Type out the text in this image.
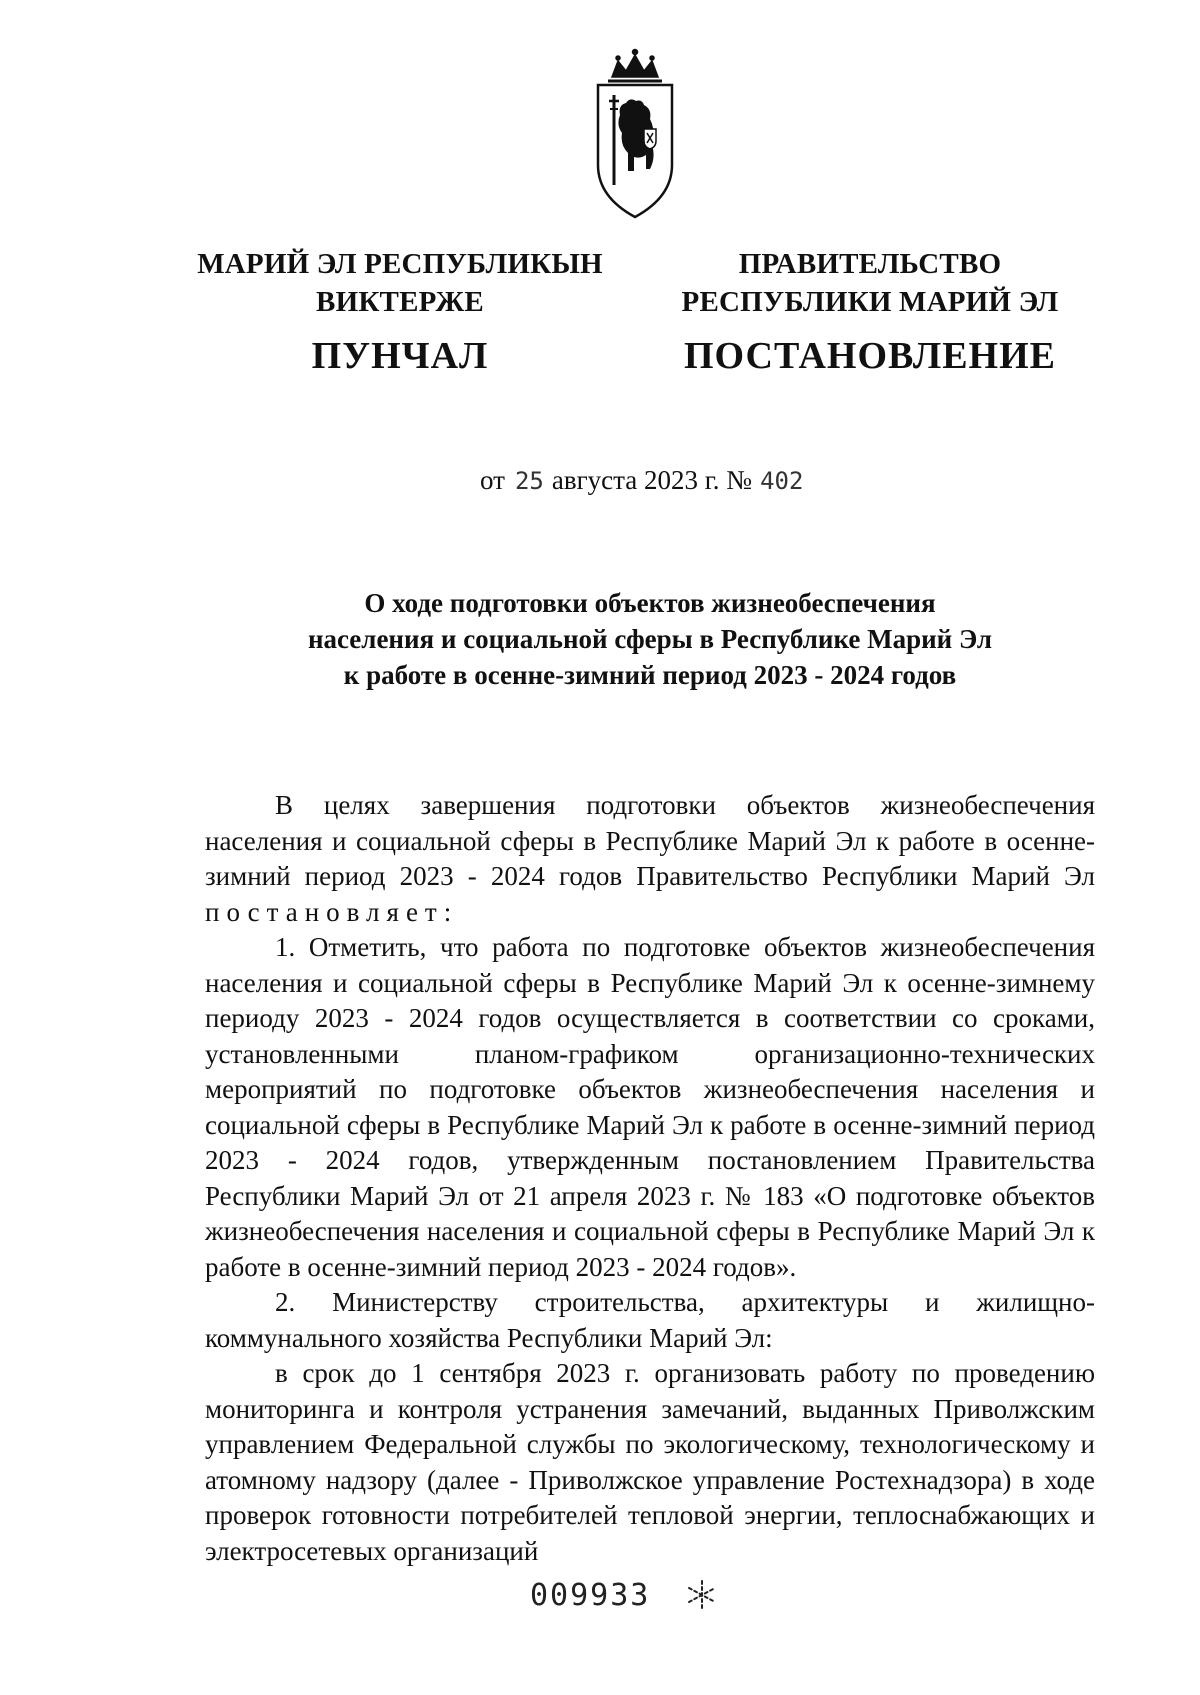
МАРИЙ ЭЛ РЕСПУБЛИКЫН
ВИКТЕРЖЕ
ПУНЧАЛ
ПРАВИТЕЛЬСТВО
РЕСПУБЛИКИ МАРИЙ ЭЛ
ПОСТАНОВЛЕНИЕ
от 25 августа 2023 г. № 402
О ходе подготовки объектов жизнеобеспечения
населения и социальной сферы в Республике Марий Эл
к работе в осенне-зимний период 2023 - 2024 годов

В целях завершения подготовки объектов жизнеобеспечения населения и социальной сферы в Республике Марий Эл к работе в осенне-зимний период 2023 - 2024 годов Правительство Республики Марий Эл постановляет:

1. Отметить, что работа по подготовке объектов жизнеобеспечения населения и социальной сферы в Республике Марий Эл к осенне-зимнему периоду 2023 - 2024 годов осуществляется в соответствии со сроками, установленными планом-графиком организационно-технических мероприятий по подготовке объектов жизнеобеспечения населения и социальной сферы в Республике Марий Эл к работе в осенне-зимний период 2023 - 2024 годов, утвержденным постановлением Правительства Республики Марий Эл от 21 апреля 2023 г. № 183 «О подготовке объектов жизнеобеспечения населения и социальной сферы в Республике Марий Эл к работе в осенне-зимний период 2023 - 2024 годов».

2. Министерству строительства, архитектуры и жилищно-коммунального хозяйства Республики Марий Эл:

в срок до 1 сентября 2023 г. организовать работу по проведению мониторинга и контроля устранения замечаний, выданных Приволжским управлением Федеральной службы по экологическому, технологическому и атомному надзору (далее - Приволжское управление Ростехнадзора) в ходе проверок готовности потребителей тепловой энергии, теплоснабжающих и электросетевых организаций

009933
